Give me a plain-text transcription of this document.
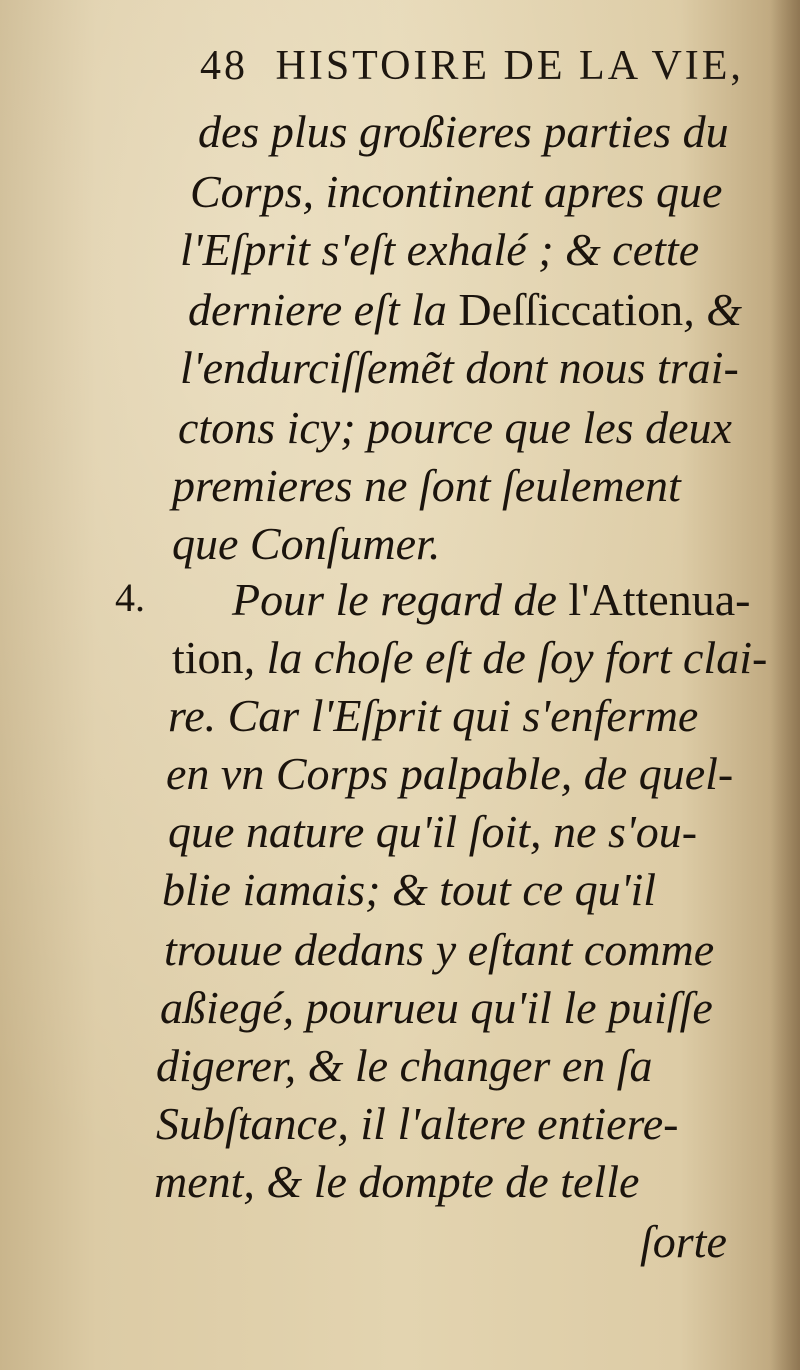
48 HISTOIRE DE LA VIE,
4.
des plus großieres parties du
Corps, incontinent apres que
l'Eſprit s'eſt exhalé ; & cette
derniere eſt la Deſſiccation, &
l'endurciſſemẽt dont nous trai-
ctons icy; pource que les deux
premieres ne ſont ſeulement
que Conſumer.
Pour le regard de l'Attenua-
tion, la choſe eſt de ſoy fort clai-
re. Car l'Eſprit qui s'enferme
en vn Corps palpable, de quel-
que nature qu'il ſoit, ne s'ou-
blie iamais; & tout ce qu'il
trouue dedans y eſtant comme
aßiegé, pourueu qu'il le puiſſe
digerer, & le changer en ſa
Subſtance, il l'altere entiere-
ment, & le dompte de telle
ſorte
